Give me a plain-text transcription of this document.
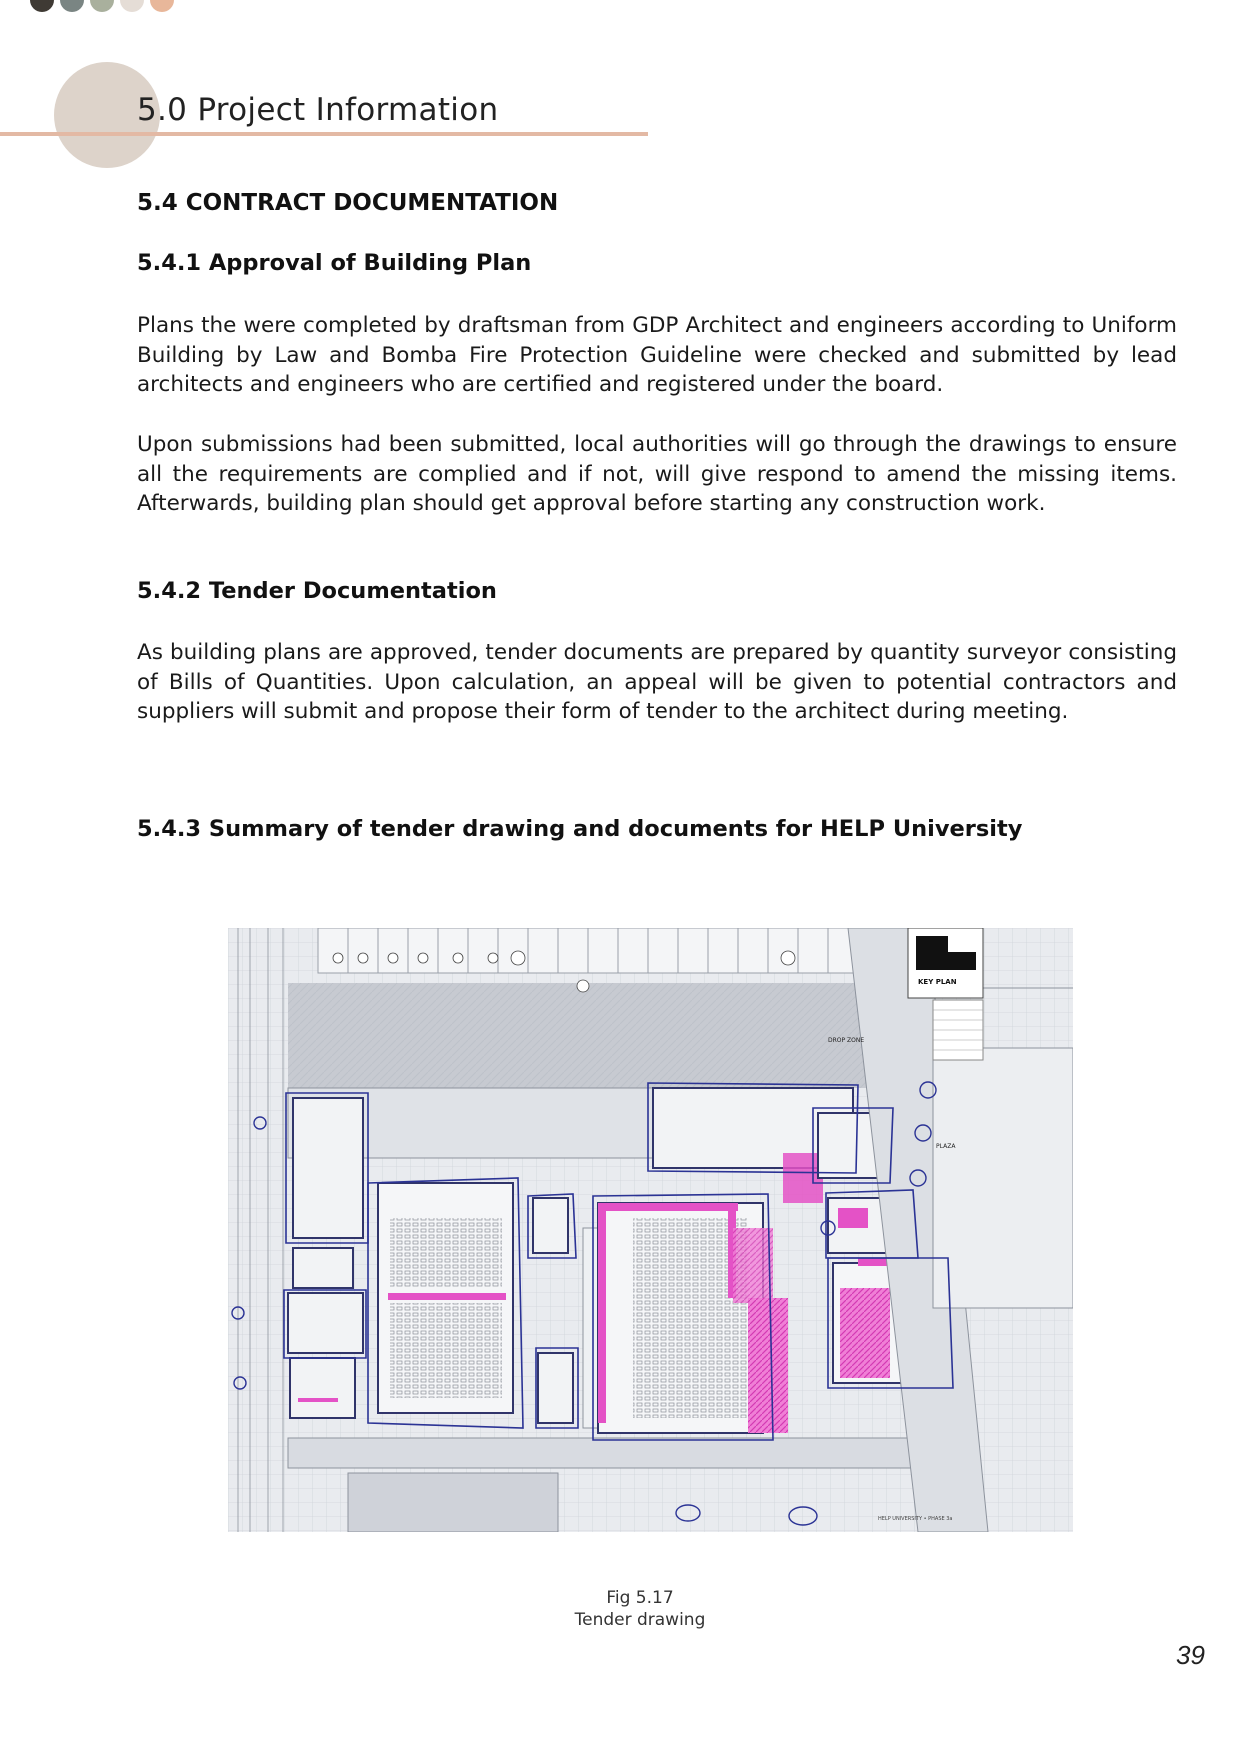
5.0 Project Information
5.4 CONTRACT DOCUMENTATION
5.4.1 Approval of Building Plan

Plans the were completed by draftsman from GDP Architect and engineers according to Uniform Building by Law and Bomba Fire Protection Guideline were checked and submitted by lead architects and engineers who are certified and registered under the board.

Upon submissions had been submitted, local authorities will go through the drawings to ensure all the requirements are complied and if not, will give respond to amend the missing items. Afterwards, building plan should get approval before starting any construction work.

5.4.2 Tender Documentation

As building plans are approved, tender documents are prepared by quantity surveyor consisting of Bills of Quantities. Upon calculation, an appeal will be given to potential contractors and suppliers will submit and propose their form of tender to the architect during meeting.

5.4.3 Summary of tender drawing and documents for HELP University
KEY PLAN
DROP ZONE
PLAZA
HELP UNIVERSITY • PHASE 3a
Fig 5.17
Tender drawing
39
